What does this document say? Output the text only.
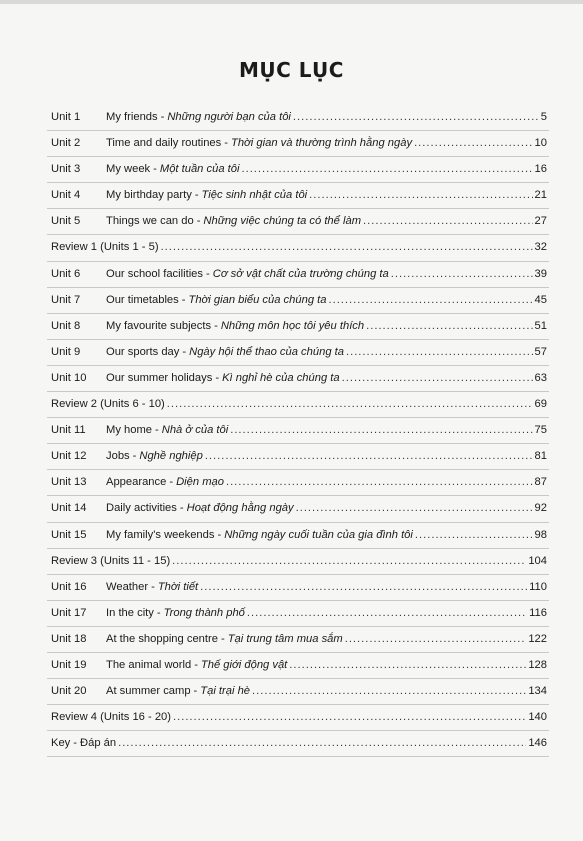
MỤC LỤC
Unit 1	My friends - Những người bạn của tôi .....	5
Unit 2	Time and daily routines - Thời gian và thường trình hằng ngày .....	10
Unit 3	My week - Một tuần của tôi .....	16
Unit 4	My birthday party - Tiệc sinh nhật của tôi .....	21
Unit 5	Things we can do - Những việc chúng ta có thể làm .....	27
Review 1 (Units 1 - 5) .....	32
Unit 6	Our school facilities - Cơ sở vật chất của trường chúng ta .....	39
Unit 7	Our timetables - Thời gian biểu của chúng ta .....	45
Unit 8	My favourite subjects - Những môn học tôi yêu thích .....	51
Unit 9	Our sports day - Ngày hội thể thao của chúng ta .....	57
Unit 10	Our summer holidays - Kì nghỉ hè của chúng ta .....	63
Review 2 (Units 6 - 10) .....	69
Unit 11	My home - Nhà ở của tôi .....	75
Unit 12	Jobs - Nghề nghiệp .....	81
Unit 13	Appearance - Diện mạo .....	87
Unit 14	Daily activities - Hoạt động hằng ngày .....	92
Unit 15	My family's weekends - Những ngày cuối tuần của gia đình tôi .....	98
Review 3 (Units 11 - 15) .....	104
Unit 16	Weather - Thời tiết .....	110
Unit 17	In the city - Trong thành phố .....	116
Unit 18	At the shopping centre - Tại trung tâm mua sắm .....	122
Unit 19	The animal world - Thế giới động vật .....	128
Unit 20	At summer camp - Tại trại hè .....	134
Review 4 (Units 16 - 20) .....	140
Key - Đáp án .....	146
